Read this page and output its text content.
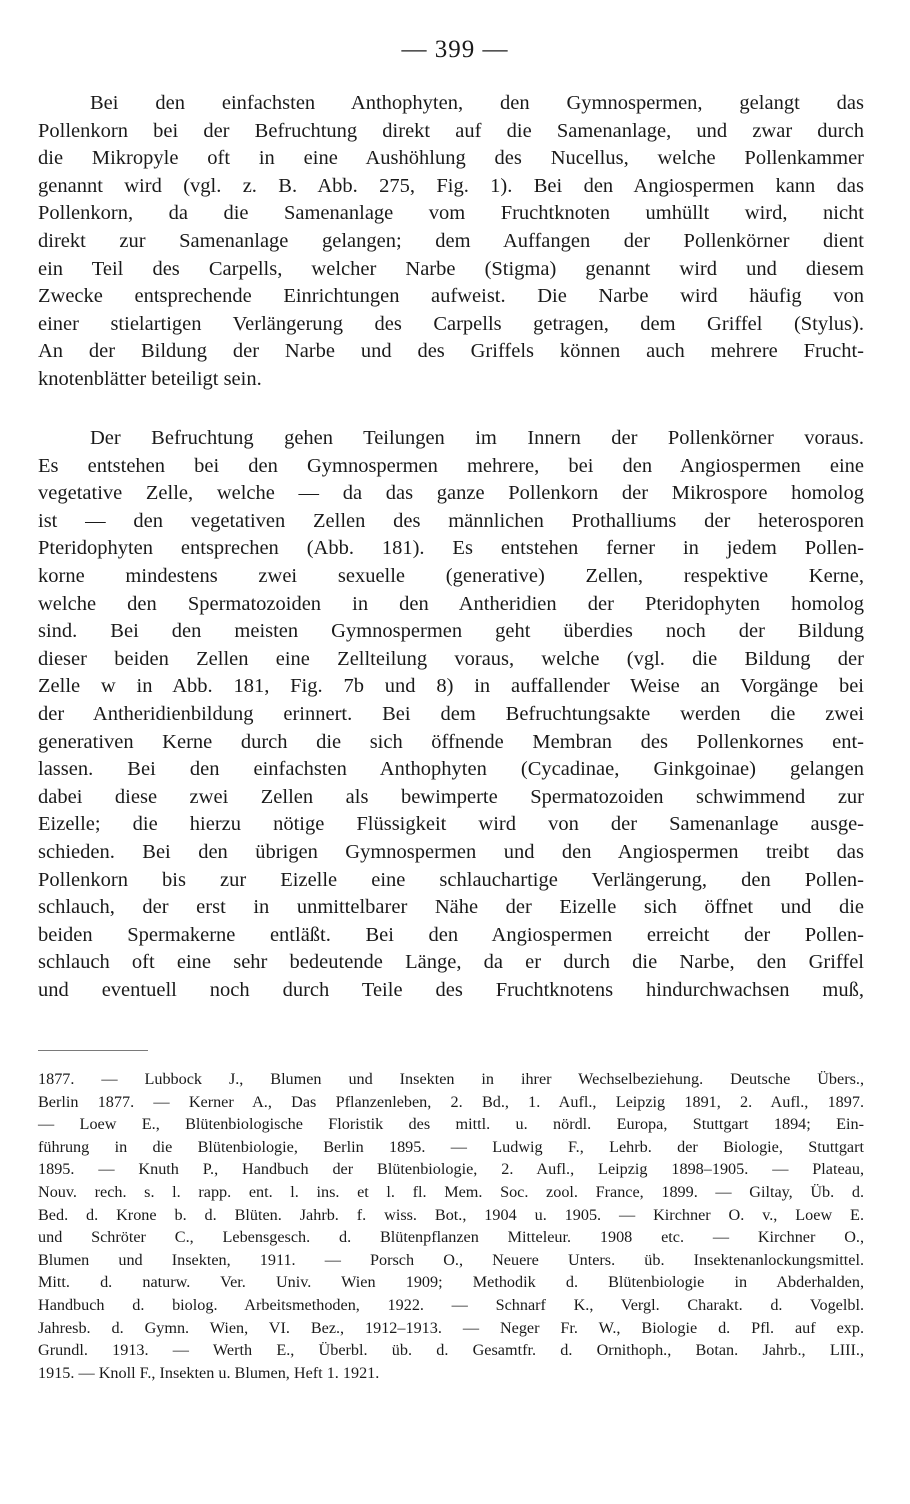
— 399 —
Bei den einfachsten Anthophyten, den Gymnospermen, gelangt das
Pollenkorn bei der Befruchtung direkt auf die Samenanlage, und zwar durch
die Mikropyle oft in eine Aushöhlung des Nucellus, welche Pollenkammer
genannt wird (vgl. z. B. Abb. 275, Fig. 1). Bei den Angiospermen kann das
Pollenkorn, da die Samenanlage vom Fruchtknoten umhüllt wird, nicht
direkt zur Samenanlage gelangen; dem Auffangen der Pollenkörner dient
ein Teil des Carpells, welcher Narbe (Stigma) genannt wird und diesem
Zwecke entsprechende Einrichtungen aufweist. Die Narbe wird häufig von
einer stielartigen Verlängerung des Carpells getragen, dem Griffel (Stylus).
An der Bildung der Narbe und des Griffels können auch mehrere Frucht-
knotenblätter beteiligt sein.
Der Befruchtung gehen Teilungen im Innern der Pollenkörner voraus.
Es entstehen bei den Gymnospermen mehrere, bei den Angiospermen eine
vegetative Zelle, welche — da das ganze Pollenkorn der Mikrospore homolog
ist — den vegetativen Zellen des männlichen Prothalliums der heterosporen
Pteridophyten entsprechen (Abb. 181). Es entstehen ferner in jedem Pollen-
korne mindestens zwei sexuelle (generative) Zellen, respektive Kerne,
welche den Spermatozoiden in den Antheridien der Pteridophyten homolog
sind. Bei den meisten Gymnospermen geht überdies noch der Bildung
dieser beiden Zellen eine Zellteilung voraus, welche (vgl. die Bildung der
Zelle w in Abb. 181, Fig. 7b und 8) in auffallender Weise an Vorgänge bei
der Antheridienbildung erinnert. Bei dem Befruchtungsakte werden die zwei
generativen Kerne durch die sich öffnende Membran des Pollenkornes ent-
lassen. Bei den einfachsten Anthophyten (Cycadinae, Ginkgoinae) gelangen
dabei diese zwei Zellen als bewimperte Spermatozoiden schwimmend zur
Eizelle; die hierzu nötige Flüssigkeit wird von der Samenanlage ausge-
schieden. Bei den übrigen Gymnospermen und den Angiospermen treibt das
Pollenkorn bis zur Eizelle eine schlauchartige Verlängerung, den Pollen-
schlauch, der erst in unmittelbarer Nähe der Eizelle sich öffnet und die
beiden Spermakerne entläßt. Bei den Angiospermen erreicht der Pollen-
schlauch oft eine sehr bedeutende Länge, da er durch die Narbe, den Griffel
und eventuell noch durch Teile des Fruchtknotens hindurchwachsen muß,
1877. — Lubbock J., Blumen und Insekten in ihrer Wechselbeziehung. Deutsche Übers.,
Berlin 1877. — Kerner A., Das Pflanzenleben, 2. Bd., 1. Aufl., Leipzig 1891, 2. Aufl., 1897.
— Loew E., Blütenbiologische Floristik des mittl. u. nördl. Europa, Stuttgart 1894; Ein-
führung in die Blütenbiologie, Berlin 1895. — Ludwig F., Lehrb. der Biologie, Stuttgart
1895. — Knuth P., Handbuch der Blütenbiologie, 2. Aufl., Leipzig 1898–1905. — Plateau,
Nouv. rech. s. l. rapp. ent. l. ins. et l. fl. Mem. Soc. zool. France, 1899. — Giltay, Üb. d.
Bed. d. Krone b. d. Blüten. Jahrb. f. wiss. Bot., 1904 u. 1905. — Kirchner O. v., Loew E.
und Schröter C., Lebensgesch. d. Blütenpflanzen Mitteleur. 1908 etc. — Kirchner O.,
Blumen und Insekten, 1911. — Porsch O., Neuere Unters. üb. Insektenanlockungsmittel.
Mitt. d. naturw. Ver. Univ. Wien 1909; Methodik d. Blütenbiologie in Abderhalden,
Handbuch d. biolog. Arbeitsmethoden, 1922. — Schnarf K., Vergl. Charakt. d. Vogelbl.
Jahresb. d. Gymn. Wien, VI. Bez., 1912–1913. — Neger Fr. W., Biologie d. Pfl. auf exp.
Grundl. 1913. — Werth E., Überbl. üb. d. Gesamtfr. d. Ornithoph., Botan. Jahrb., LIII.,
1915. — Knoll F., Insekten u. Blumen, Heft 1. 1921.
